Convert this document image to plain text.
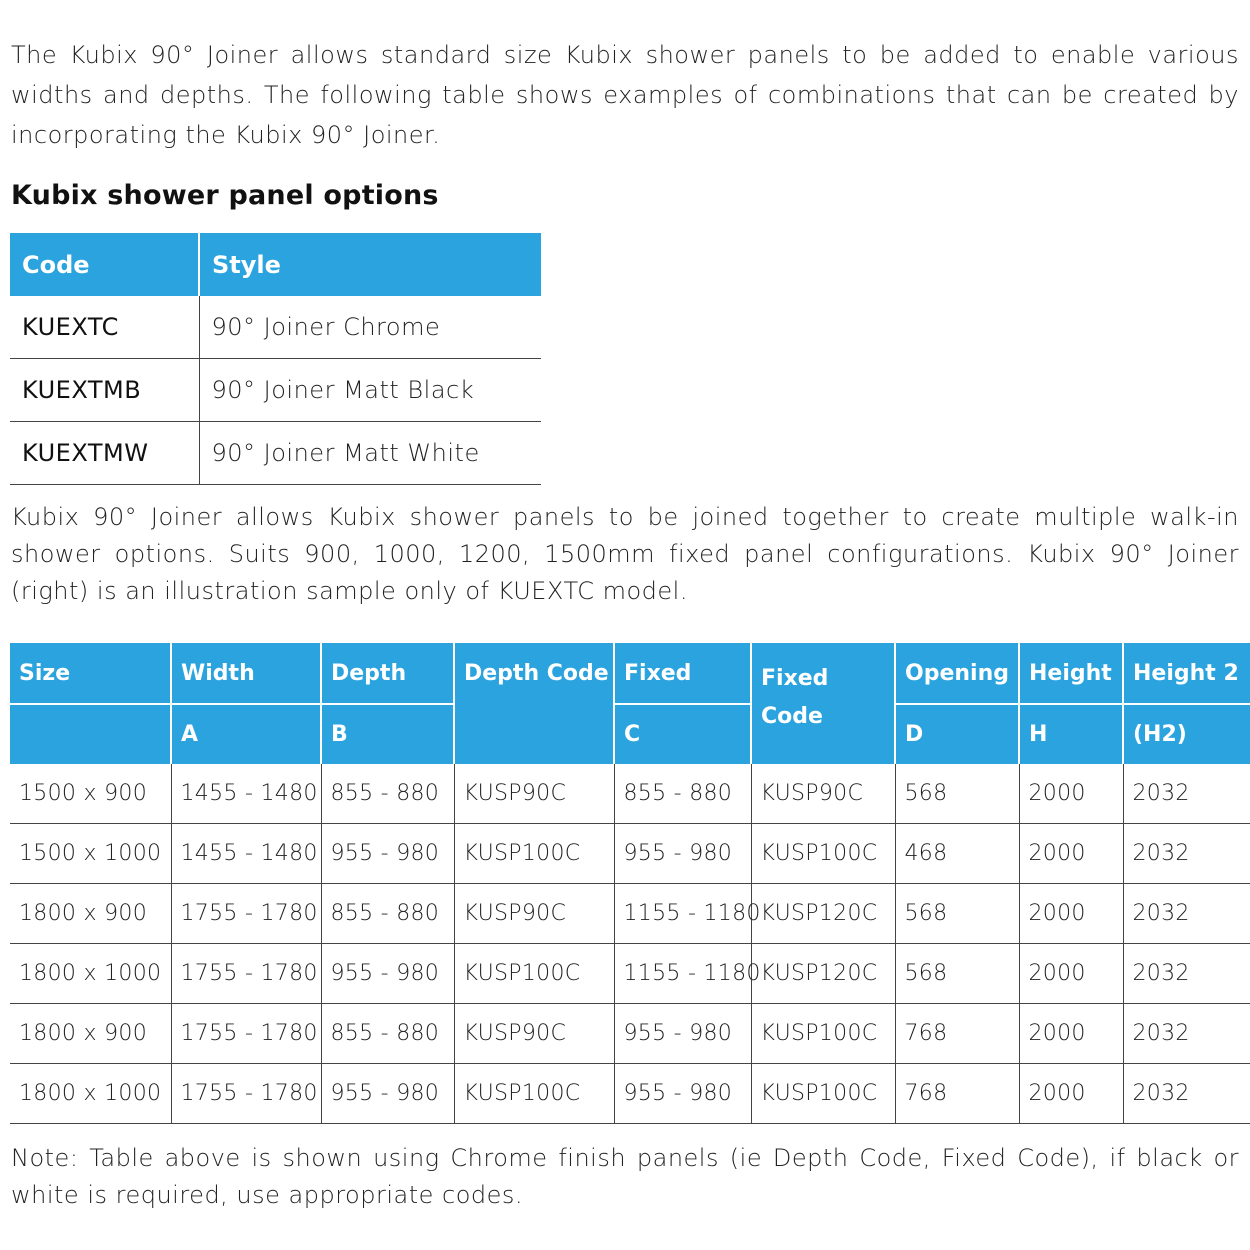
The Kubix 90° Joiner allows standard size Kubix shower panels to be added to enable various widths and depths. The following table shows examples of combinations that can be created by incorporating the Kubix 90° Joiner.

Kubix shower panel options
Code	Style
KUEXTC	90° Joiner Chrome
KUEXTMB	90° Joiner Matt Black
KUEXTMW	90° Joiner Matt White

Kubix 90° Joiner allows Kubix shower panels to be joined together to create multiple walk-in shower options. Suits 900, 1000, 1200, 1500mm fixed panel configurations. Kubix 90° Joiner (right) is an illustration sample only of KUEXTC model.

Size	Width	Depth	Depth Code	Fixed	Fixed Code	Opening	Height	Height 2
	A	B		C		D	H	(H2)
1500 x 900	1455 - 1480	855 - 880	KUSP90C	855 - 880	KUSP90C	568	2000	2032
1500 x 1000	1455 - 1480	955 - 980	KUSP100C	955 - 980	KUSP100C	468	2000	2032
1800 x 900	1755 - 1780	855 - 880	KUSP90C	1155 - 1180	KUSP120C	568	2000	2032
1800 x 1000	1755 - 1780	955 - 980	KUSP100C	1155 - 1180	KUSP120C	568	2000	2032
1800 x 900	1755 - 1780	855 - 880	KUSP90C	955 - 980	KUSP100C	768	2000	2032
1800 x 1000	1755 - 1780	955 - 980	KUSP100C	955 - 980	KUSP100C	768	2000	2032

Note: Table above is shown using Chrome finish panels (ie Depth Code, Fixed Code), if black or white is required, use appropriate codes.
